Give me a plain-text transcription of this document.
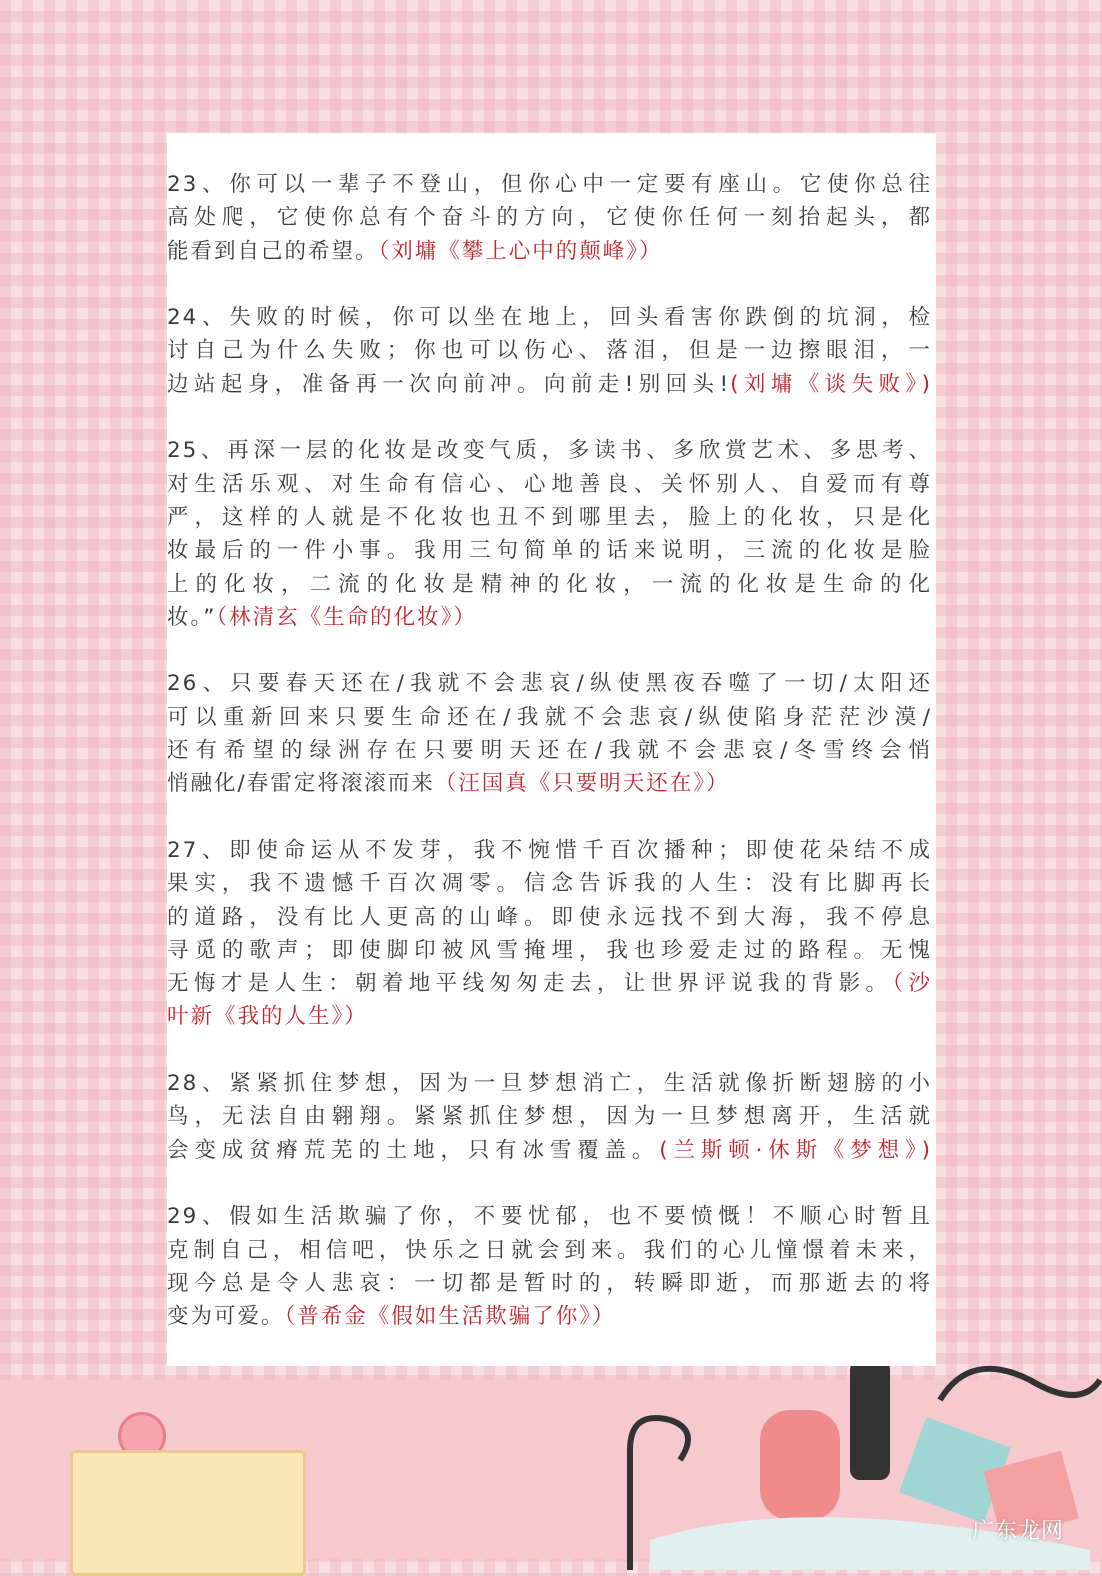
23、你可以一辈子不登山，但你心中一定要有座山。它使你总往
高处爬，它使你总有个奋斗的方向，它使你任何一刻抬起头，都
能看到自己的希望。（刘墉《攀上心中的颠峰》）
24、失败的时候，你可以坐在地上，回头看害你跌倒的坑洞，检
讨自己为什么失败；你也可以伤心、落泪，但是一边擦眼泪，一
边站起身，准备再一次向前冲。向前走!别回头!(刘墉《谈失败》)
25、再深一层的化妆是改变气质，多读书、多欣赏艺术、多思考、
对生活乐观、对生命有信心、心地善良、关怀别人、自爱而有尊
严，这样的人就是不化妆也丑不到哪里去，脸上的化妆，只是化
妆最后的一件小事。我用三句简单的话来说明，三流的化妆是脸
上的化妆，二流的化妆是精神的化妆，一流的化妆是生命的化
妆。”（林清玄《生命的化妆》）
26、只要春天还在/我就不会悲哀/纵使黑夜吞噬了一切/太阳还
可以重新回来只要生命还在/我就不会悲哀/纵使陷身茫茫沙漠/
还有希望的绿洲存在只要明天还在/我就不会悲哀/冬雪终会悄
悄融化/春雷定将滚滚而来（汪国真《只要明天还在》）
27、即使命运从不发芽，我不惋惜千百次播种；即使花朵结不成
果实，我不遗憾千百次凋零。信念告诉我的人生：没有比脚再长
的道路，没有比人更高的山峰。即使永远找不到大海，我不停息
寻觅的歌声；即使脚印被风雪掩埋，我也珍爱走过的路程。无愧
无悔才是人生：朝着地平线匆匆走去，让世界评说我的背影。（沙
叶新《我的人生》）
28、紧紧抓住梦想，因为一旦梦想消亡，生活就像折断翅膀的小
鸟，无法自由翱翔。紧紧抓住梦想，因为一旦梦想离开，生活就
会变成贫瘠荒芜的土地，只有冰雪覆盖。(兰斯顿·休斯《梦想》)
29、假如生活欺骗了你，不要忧郁，也不要愤慨！不顺心时暂且
克制自己，相信吧，快乐之日就会到来。我们的心儿憧憬着未来，
现今总是令人悲哀：一切都是暂时的，转瞬即逝，而那逝去的将
变为可爱。（普希金《假如生活欺骗了你》）
广东龙网
